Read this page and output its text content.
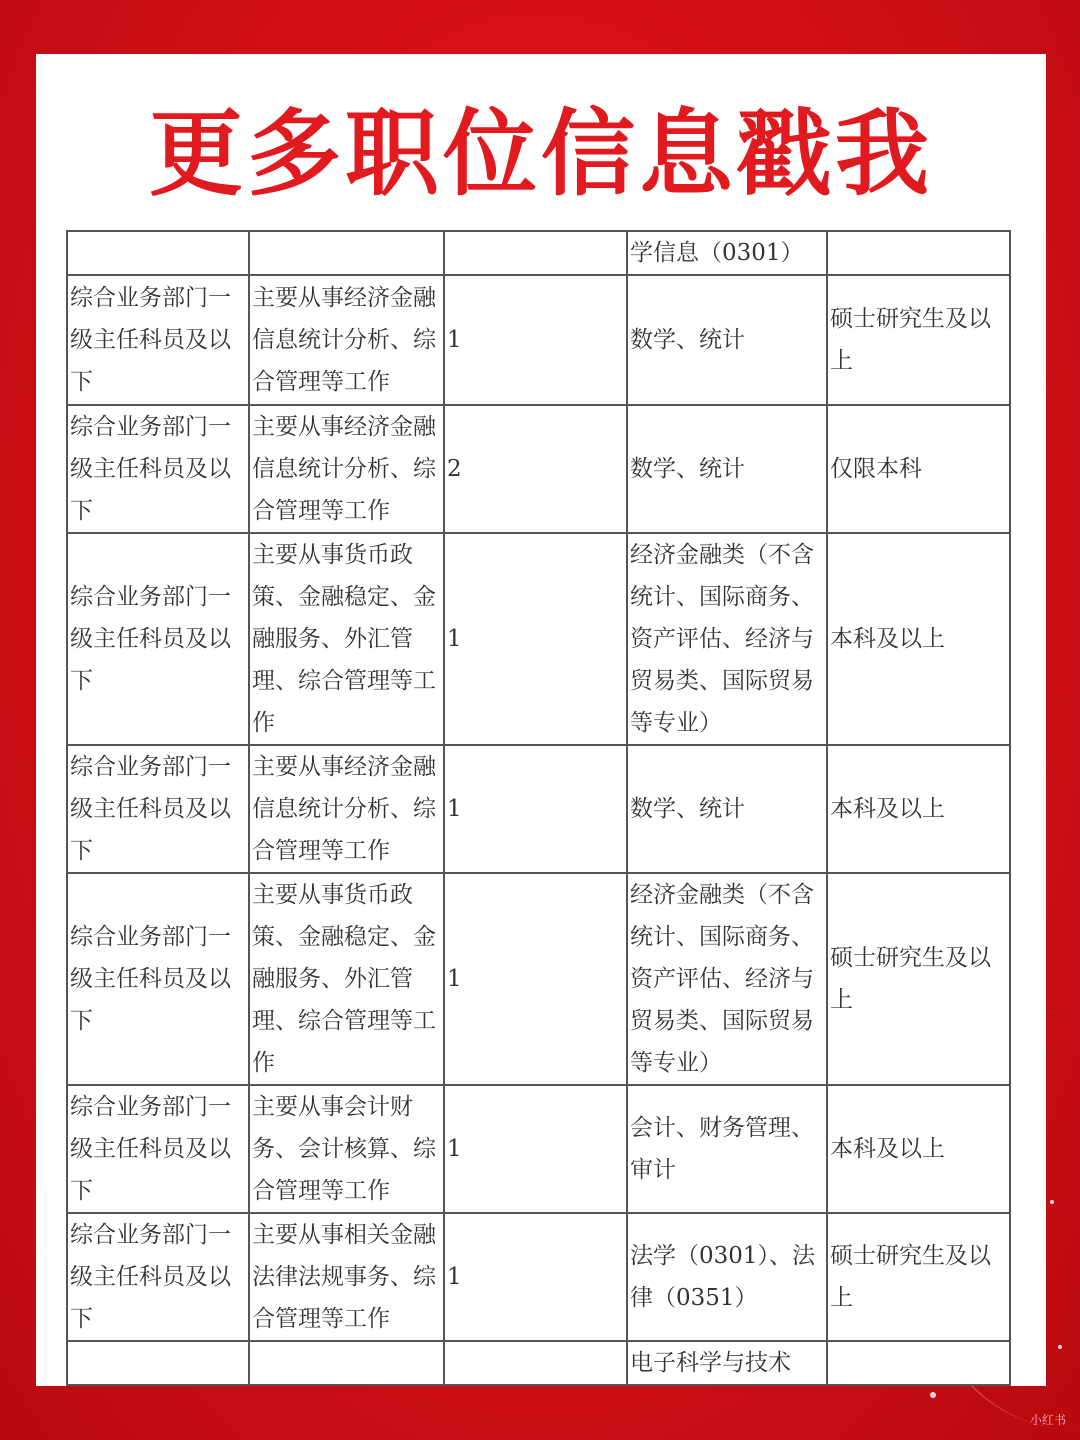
更多职位信息戳我
			学信息（0301）	
综合业务部门一级主任科员及以下	主要从事经济金融信息统计分析、综合管理等工作	1	数学、统计	硕士研究生及以上
综合业务部门一级主任科员及以下	主要从事经济金融信息统计分析、综合管理等工作	2	数学、统计	仅限本科
综合业务部门一级主任科员及以下	主要从事货币政策、金融稳定、金融服务、外汇管理、综合管理等工作	1	经济金融类（不含统计、国际商务、资产评估、经济与贸易类、国际贸易等专业）	本科及以上
综合业务部门一级主任科员及以下	主要从事经济金融信息统计分析、综合管理等工作	1	数学、统计	本科及以上
综合业务部门一级主任科员及以下	主要从事货币政策、金融稳定、金融服务、外汇管理、综合管理等工作	1	经济金融类（不含统计、国际商务、资产评估、经济与贸易类、国际贸易等专业）	硕士研究生及以上
综合业务部门一级主任科员及以下	主要从事会计财务、会计核算、综合管理等工作	1	会计、财务管理、审计	本科及以上
综合业务部门一级主任科员及以下	主要从事相关金融法律法规事务、综合管理等工作	1	法学（0301）、法律（0351）	硕士研究生及以上
			电子科学与技术	
小红书
